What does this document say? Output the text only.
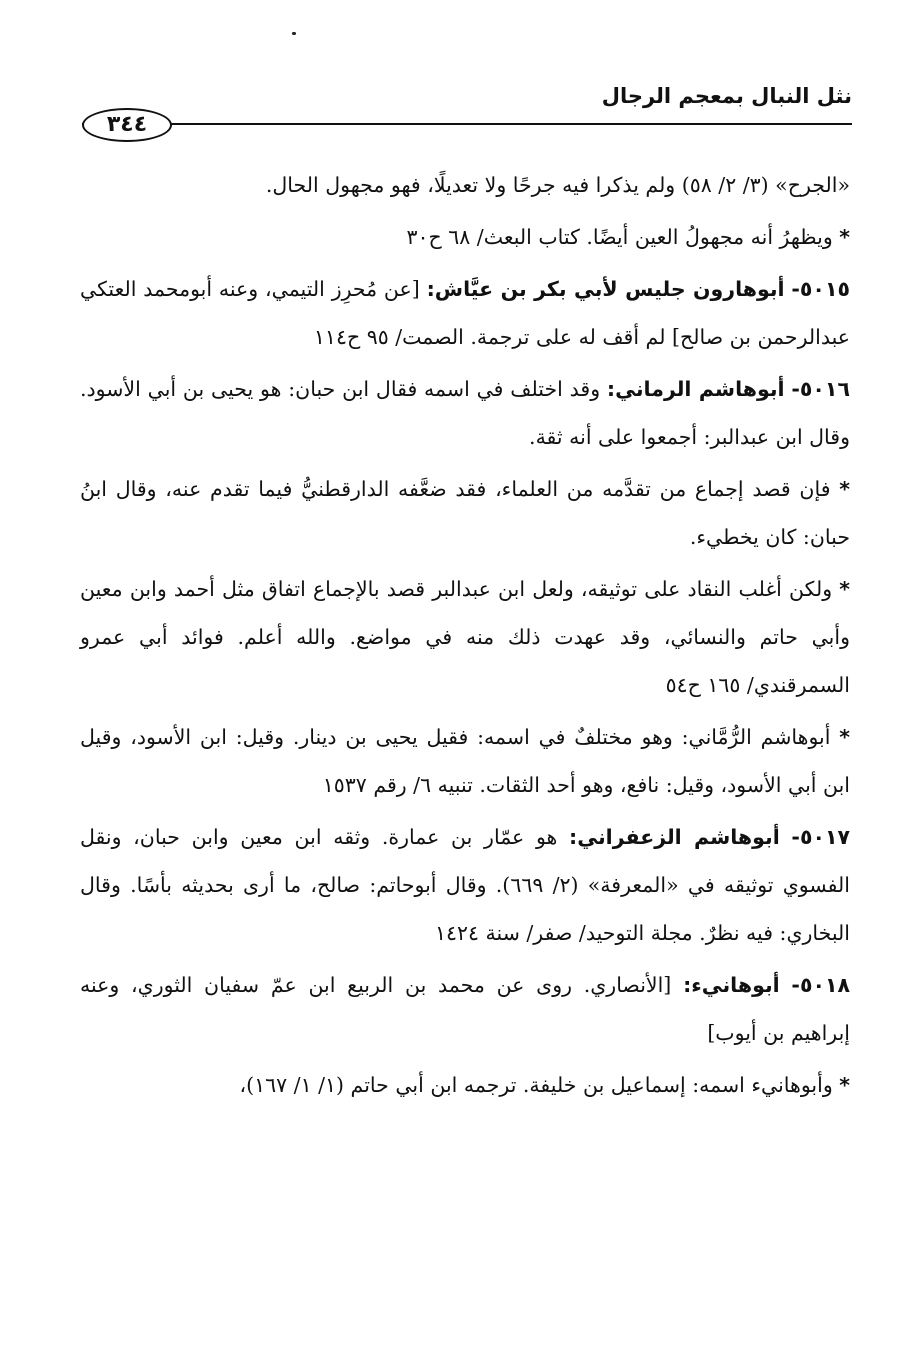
نثل النبال بمعجم الرجال
٣٤٤

«الجرح» (٣/ ٢/ ٥٨) ولم يذكرا فيه جرحًا ولا تعديلًا، فهو مجهول الحال.

* ويظهرُ أنه مجهولُ العين أيضًا. كتاب البعث/ ٦٨ ح٣٠

٥٠١٥- أبوهارون جليس لأبي بكر بن عيَّاش: [عن مُحرِز التيمي، وعنه أبومحمد العتكي عبدالرحمن بن صالح] لم أقف له على ترجمة. الصمت/ ٩٥ ح١١٤

٥٠١٦- أبوهاشم الرماني: وقد اختلف في اسمه فقال ابن حبان: هو يحيى بن أبي الأسود. وقال ابن عبدالبر: أجمعوا على أنه ثقة.

* فإن قصد إجماع من تقدَّمه من العلماء، فقد ضعَّفه الدارقطنيُّ فيما تقدم عنه، وقال ابنُ حبان: كان يخطيء.

* ولكن أغلب النقاد على توثيقه، ولعل ابن عبدالبر قصد بالإجماع اتفاق مثل أحمد وابن معين وأبي حاتم والنسائي، وقد عهدت ذلك منه في مواضع. والله أعلم. فوائد أبي عمرو السمرقندي/ ١٦٥ ح٥٤

* أبوهاشم الرُّمَّاني: وهو مختلفٌ في اسمه: فقيل يحيى بن دينار. وقيل: ابن الأسود، وقيل ابن أبي الأسود، وقيل: نافع، وهو أحد الثقات. تنبيه ٦/ رقم ١٥٣٧

٥٠١٧- أبوهاشم الزعفراني: هو عمّار بن عمارة. وثقه ابن معين وابن حبان، ونقل الفسوي توثيقه في «المعرفة» (٢/ ٦٦٩). وقال أبوحاتم: صالح، ما أرى بحديثه بأسًا. وقال البخاري: فيه نظرٌ. مجلة التوحيد/ صفر/ سنة ١٤٢٤

٥٠١٨- أبوهانيء: [الأنصاري. روى عن محمد بن الربيع ابن عمّ سفيان الثوري، وعنه إبراهيم بن أيوب]

* وأبوهانيء اسمه: إسماعيل بن خليفة. ترجمه ابن أبي حاتم (١/ ١/ ١٦٧)،
